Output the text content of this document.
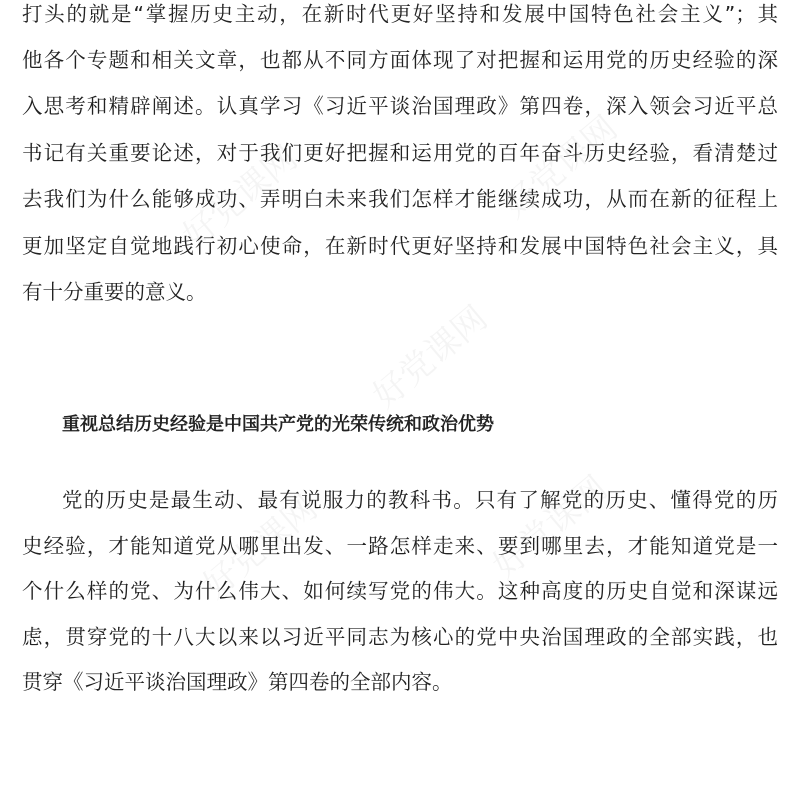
打头的就是“掌握历史主动，在新时代更好坚持和发展中国特色社会主义”；其
他各个专题和相关文章，也都从不同方面体现了对把握和运用党的历史经验的深
入思考和精辟阐述。认真学习《习近平谈治国理政》第四卷，深入领会习近平总
书记有关重要论述，对于我们更好把握和运用党的百年奋斗历史经验，看清楚过
去我们为什么能够成功、弄明白未来我们怎样才能继续成功，从而在新的征程上
更加坚定自觉地践行初心使命，在新时代更好坚持和发展中国特色社会主义，具
有十分重要的意义。
重视总结历史经验是中国共产党的光荣传统和政治优势
党的历史是最生动、最有说服力的教科书。只有了解党的历史、懂得党的历
史经验，才能知道党从哪里出发、一路怎样走来、要到哪里去，才能知道党是一
个什么样的党、为什么伟大、如何续写党的伟大。这种高度的历史自觉和深谋远
虑，贯穿党的十八大以来以习近平同志为核心的党中央治国理政的全部实践，也
贯穿《习近平谈治国理政》第四卷的全部内容。
